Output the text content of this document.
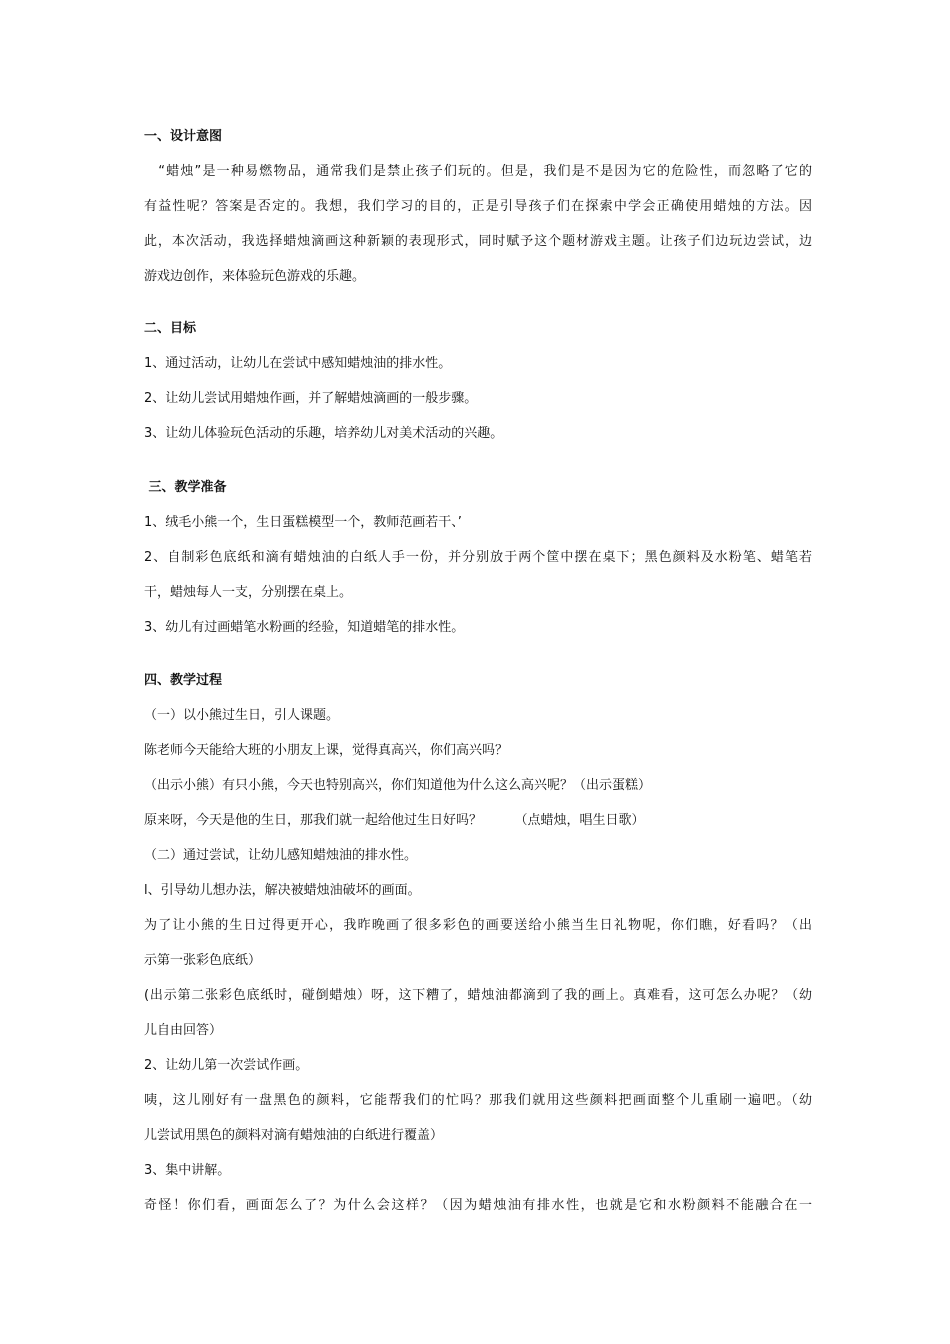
一、设计意图
　“蜡烛”是一种易燃物品，通常我们是禁止孩子们玩的。但是，我们是不是因为它的危险性，而忽略了它的
有益性呢？答案是否定的。我想，我们学习的目的，正是引导孩子们在探索中学会正确使用蜡烛的方法。因
此，本次活动，我选择蜡烛滴画这种新颖的表现形式，同时赋予这个题材游戏主题。让孩子们边玩边尝试，边
游戏边创作，来体验玩色游戏的乐趣。
二、目标
1、通过活动，让幼儿在尝试中感知蜡烛油的排水性。
2、让幼儿尝试用蜡烛作画，并了解蜡烛滴画的一般步骤。
3、让幼儿体验玩色活动的乐趣，培养幼儿对美术活动的兴趣。
三、教学准备
1、绒毛小熊一个，生日蛋糕模型一个，教师范画若干、’
2、自制彩色底纸和滴有蜡烛油的白纸人手一份，并分别放于两个筐中摆在桌下；黑色颜料及水粉笔、蜡笔若
干，蜡烛每人一支，分别摆在桌上。
3、幼儿有过画蜡笔水粉画的经验，知道蜡笔的排水性。
四、教学过程
（一）以小熊过生日，引人课题。
陈老师今天能给大班的小朋友上课，觉得真高兴，你们高兴吗？
（出示小熊）有只小熊，今天也特别高兴，你们知道他为什么这么高兴呢？（出示蛋糕）
原来呀，今天是他的生日，那我们就一起给他过生日好吗？　　　（点蜡烛，唱生日歌）
（二）通过尝试，让幼儿感知蜡烛油的排水性。
l、引导幼儿想办法，解决被蜡烛油破坏的画面。
为了让小熊的生日过得更开心，我昨晚画了很多彩色的画要送给小熊当生日礼物呢，你们瞧，好看吗？（出
示第一张彩色底纸）
(出示第二张彩色底纸时，碰倒蜡烛）呀，这下糟了，蜡烛油都滴到了我的画上。真难看，这可怎么办呢？（幼
儿自由回答）
2、让幼儿第一次尝试作画。
咦，这儿刚好有一盘黑色的颜料，它能帮我们的忙吗？那我们就用这些颜料把画面整个儿重刷一遍吧。（幼
儿尝试用黑色的颜料对滴有蜡烛油的白纸进行覆盖）
3、集中讲解。
奇怪！你们看，画面怎么了？为什么会这样？（因为蜡烛油有排水性，也就是它和水粉颜料不能融合在一
